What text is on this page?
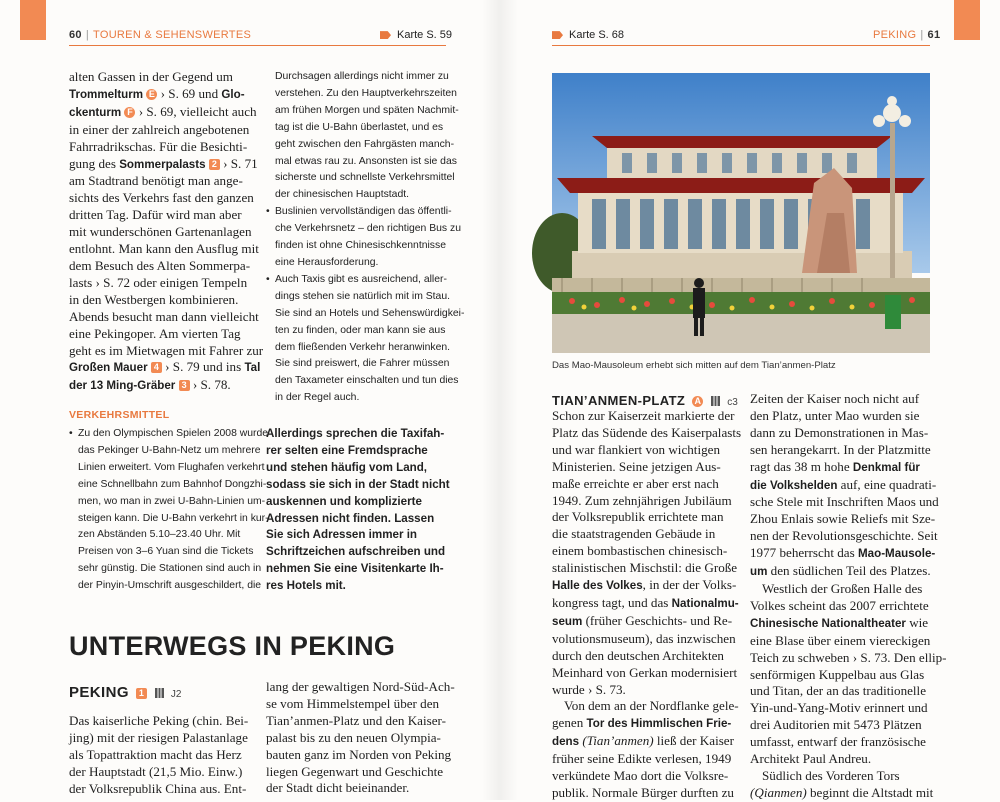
60 | TOUREN & SEHENSWERTES	Karte S. 59	Karte S. 68	PEKING | 61
alten Gassen in der Gegend um
Trommelturm E › S. 69 und Glo-
ckenturm F › S. 69, vielleicht auch
in einer der zahlreich angebotenen
Fahrradrikschas. Für die Besichti-
gung des Sommerpalasts 2 › S. 71
am Stadtrand benötigt man ange-
sichts des Verkehrs fast den ganzen
dritten Tag. Dafür wird man aber
mit wunderschönen Gartenanlagen
entlohnt. Man kann den Ausflug mit
dem Besuch des Alten Sommerpa-
lasts › S. 72 oder einigen Tempeln
in den Westbergen kombinieren.
Abends besucht man dann vielleicht
eine Pekingoper. Am vierten Tag
geht es im Mietwagen mit Fahrer zur
Großen Mauer 4 › S. 79 und ins Tal
der 13 Ming-Gräber 3 › S. 78.
VERKEHRSMITTEL
• Zu den Olympischen Spielen 2008 wurde
das Pekinger U-Bahn-Netz um mehrere
Linien erweitert. Vom Flughafen verkehrt
eine Schnellbahn zum Bahnhof Dongzhi-
men, wo man in zwei U-Bahn-Linien um-
steigen kann. Die U-Bahn verkehrt in kur-
zen Abständen 5.10–23.40 Uhr. Mit
Preisen von 3–6 Yuan sind die Tickets
sehr günstig. Die Stationen sind auch in
der Pinyin-Umschrift ausgeschildert, die
Durchsagen allerdings nicht immer zu
verstehen. Zu den Hauptverkehrszeiten
am frühen Morgen und späten Nachmit-
tag ist die U-Bahn überlastet, und es
geht zwischen den Fahrgästen manch-
mal etwas rau zu. Ansonsten ist sie das
sicherste und schnellste Verkehrsmittel
der chinesischen Hauptstadt.
• Buslinien vervollständigen das öffentli-
che Verkehrsnetz – den richtigen Bus zu
finden ist ohne Chinesischkenntnisse
eine Herausforderung.
• Auch Taxis gibt es ausreichend, aller-
dings stehen sie natürlich mit im Stau.
Sie sind an Hotels und Sehenswürdigkei-
ten zu finden, oder man kann sie aus
dem fließenden Verkehr heranwinken.
Sie sind preiswert, die Fahrer müssen
den Taxameter einschalten und tun dies
in der Regel auch.
Allerdings sprechen die Taxifah-
rer selten eine Fremdsprache
und stehen häufig vom Land,
sodass sie sich in der Stadt nicht
auskennen und komplizierte
Adressen nicht finden. Lassen
Sie sich Adressen immer in
Schriftzeichen aufschreiben und
nehmen Sie eine Visitenkarte Ih-
res Hotels mit.
UNTERWEGS IN PEKING
PEKING 1	J2
Das kaiserliche Peking (chin. Bei-
jing) mit der riesigen Palastanlage
als Topattraktion macht das Herz
der Hauptstadt (21,5 Mio. Einw.)
der Volksrepublik China aus. Ent-
lang der gewaltigen Nord-Süd-Ach-
se vom Himmelstempel über den
Tian’anmen-Platz und den Kaiser-
palast bis zu den neuen Olympia-
bauten ganz im Norden von Peking
liegen Gegenwart und Geschichte
der Stadt dicht beieinander.
Das Mao-Mausoleum erhebt sich mitten auf dem Tian’anmen-Platz
TIAN’ANMEN-PLATZ A	c3
Schon zur Kaiserzeit markierte der
Platz das Südende des Kaiserpalasts
und war flankiert von wichtigen
Ministerien. Seine jetzigen Aus-
maße erreichte er aber erst nach
1949. Zum zehnjährigen Jubiläum
der Volksrepublik errichtete man
die staatstragenden Gebäude in
einem bombastischen chinesisch-
stalinistischen Mischstil: die Große
Halle des Volkes, in der der Volks-
kongress tagt, und das Nationalmu-
seum (früher Geschichts- und Re-
volutionsmuseum), das inzwischen
durch den deutschen Architekten
Meinhard von Gerkan modernisiert
wurde › S. 73.
Von dem an der Nordflanke gele-
genen Tor des Himmlischen Frie-
dens (Tian’anmen) ließ der Kaiser
früher seine Edikte verlesen, 1949
verkündete Mao dort die Volksre-
publik. Normale Bürger durften zu
Zeiten der Kaiser noch nicht auf
den Platz, unter Mao wurden sie
dann zu Demonstrationen in Mas-
sen herangekarrt. In der Platzmitte
ragt das 38 m hohe Denkmal für
die Volkshelden auf, eine quadrati-
sche Stele mit Inschriften Maos und
Zhou Enlais sowie Reliefs mit Sze-
nen der Revolutionsgeschichte. Seit
1977 beherrscht das Mao-Mausole-
um den südlichen Teil des Platzes.
Westlich der Großen Halle des
Volkes scheint das 2007 errichtete
Chinesische Nationaltheater wie
eine Blase über einem viereckigen
Teich zu schweben › S. 73. Den ellip-
senförmigen Kuppelbau aus Glas
und Titan, der an das traditionelle
Yin-und-Yang-Motiv erinnert und
drei Auditorien mit 5473 Plätzen
umfasst, entwarf der französische
Architekt Paul Andreu.
Südlich des Vorderen Tors
(Qianmen) beginnt die Altstadt mit
